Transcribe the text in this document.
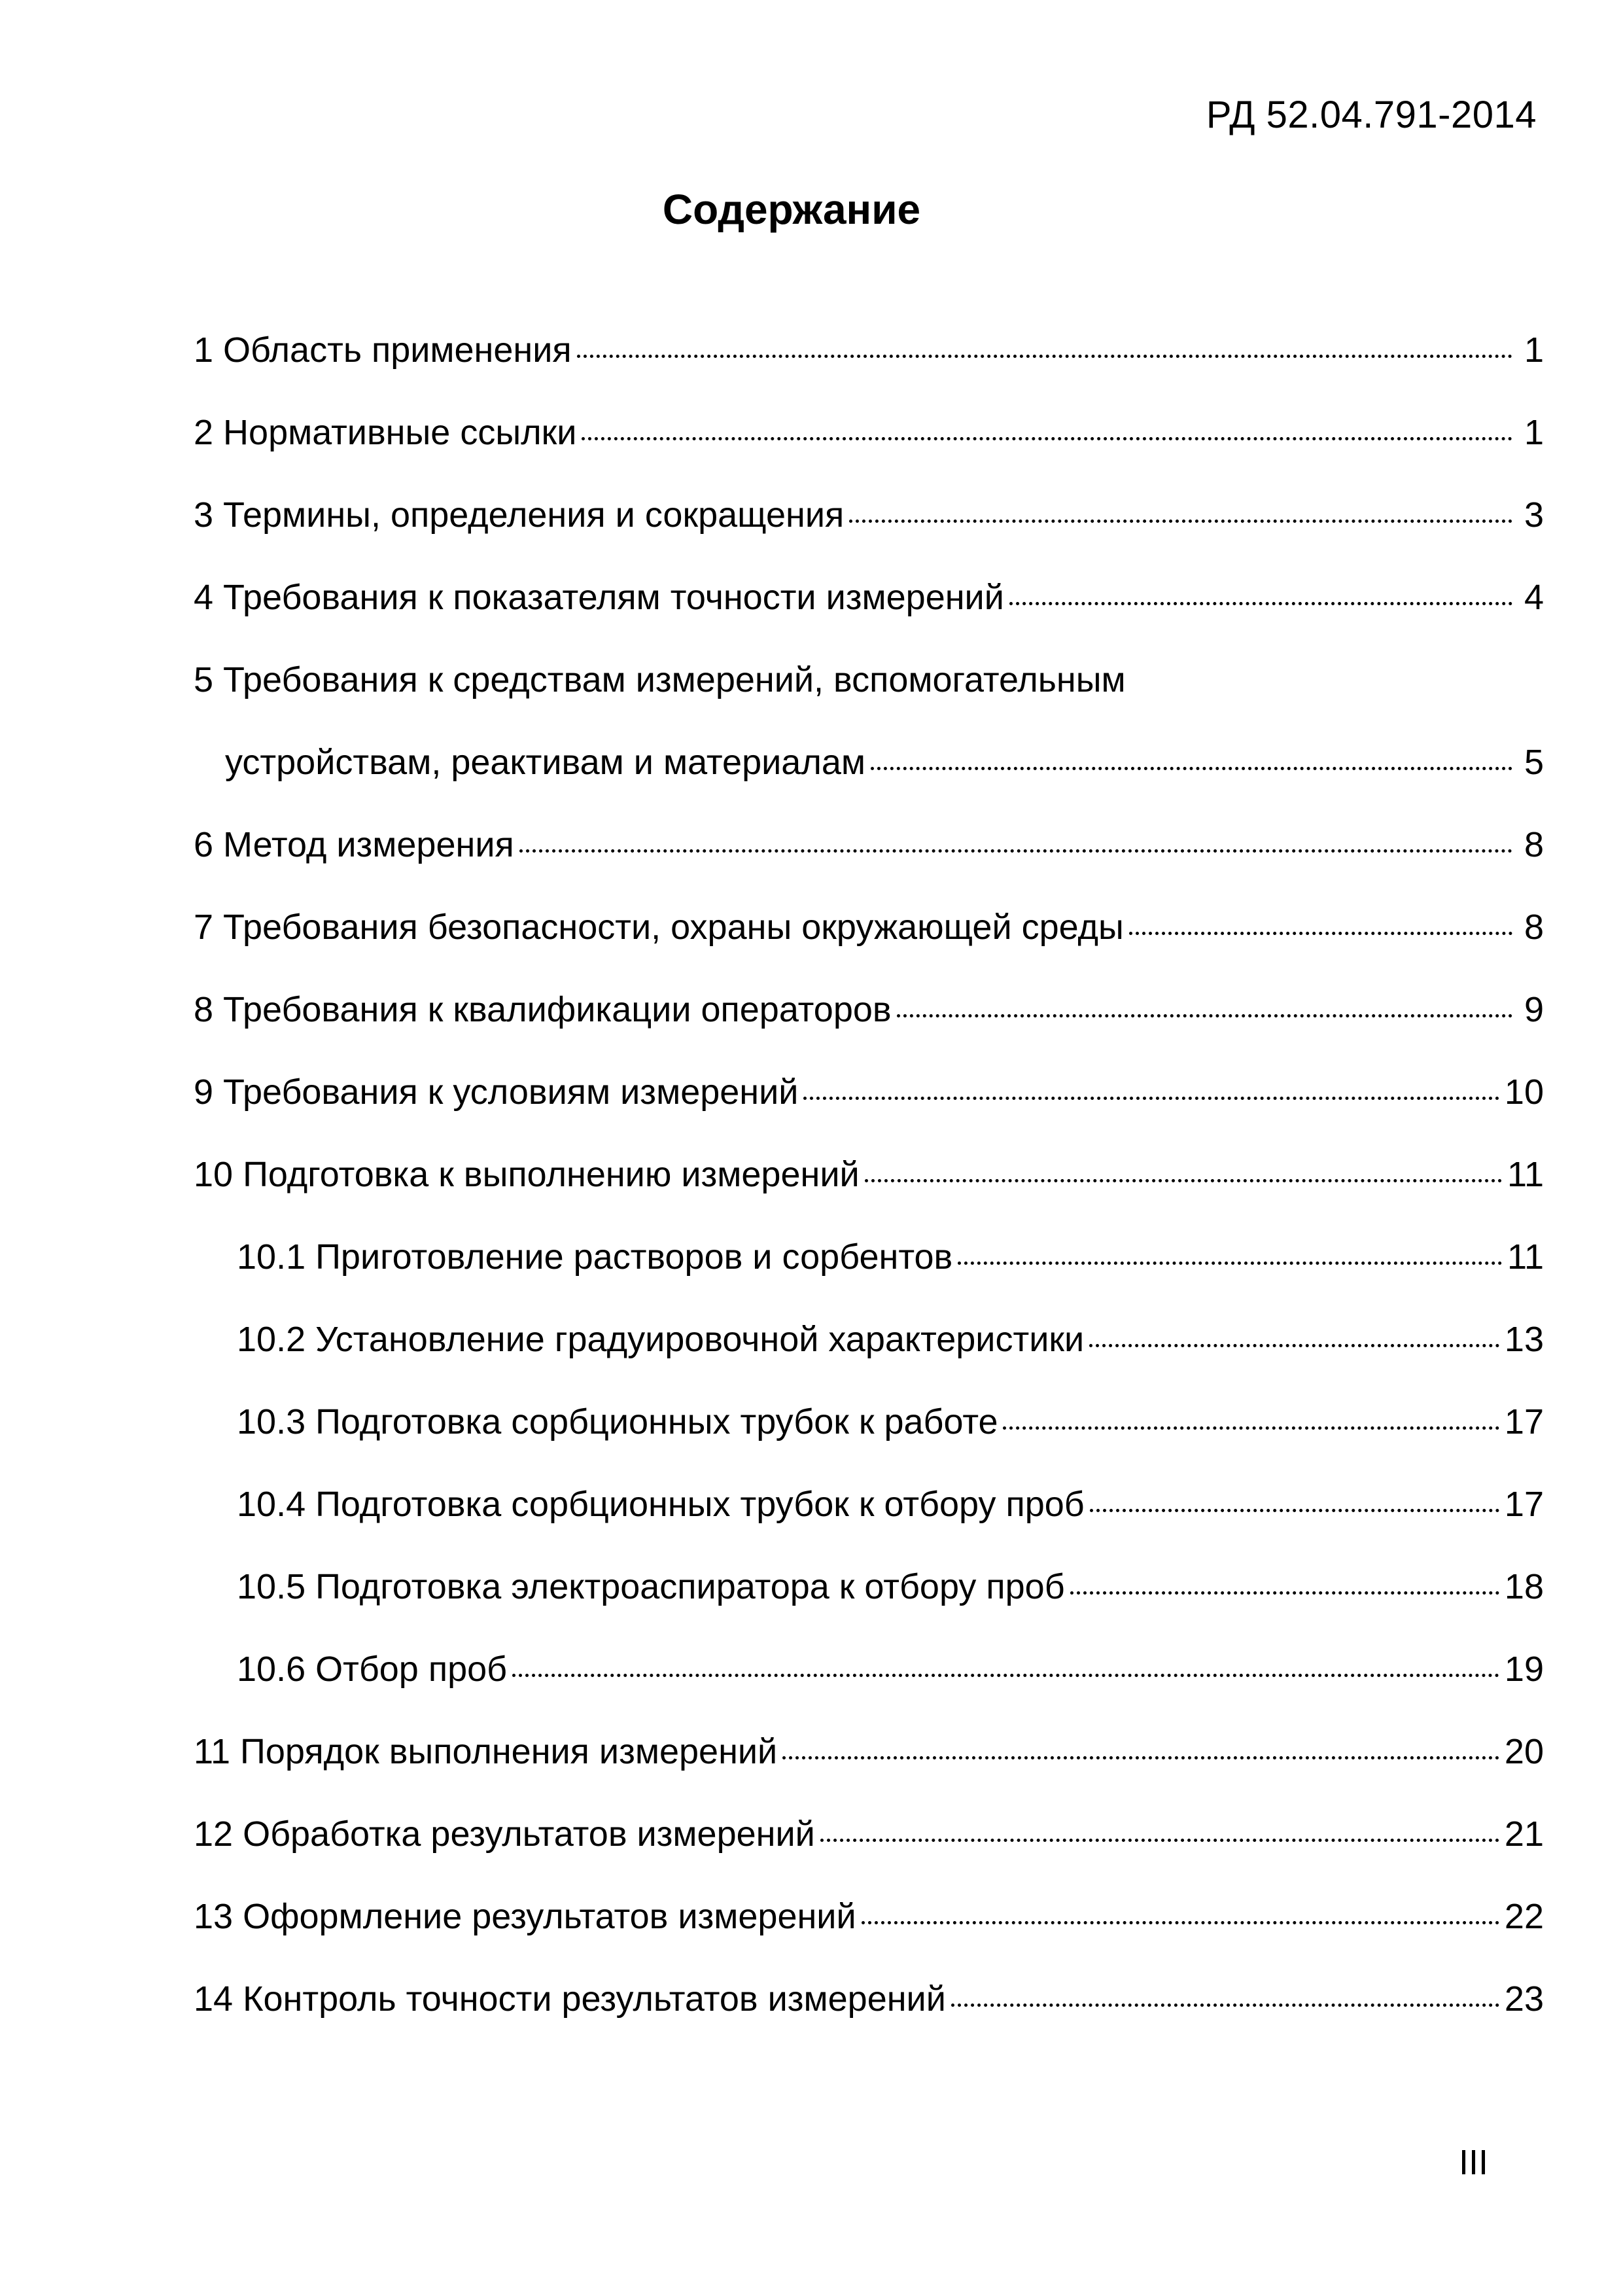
РД 52.04.791-2014
Содержание
1 Область применения	1
2 Нормативные ссылки	1
3 Термины, определения и сокращения	3
4 Требования к показателям точности измерений	4
5 Требования к средствам измерений, вспомогательным
устройствам, реактивам и материалам	5
6 Метод измерения	8
7 Требования безопасности, охраны окружающей среды	8
8 Требования к квалификации операторов	9
9 Требования к условиям измерений	10
10 Подготовка к выполнению измерений	11
10.1 Приготовление растворов и сорбентов	11
10.2 Установление градуировочной характеристики	13
10.3 Подготовка сорбционных трубок к работе	17
10.4 Подготовка сорбционных трубок к отбору проб	17
10.5 Подготовка электроаспиратора к отбору проб	18
10.6 Отбор проб	19
11 Порядок выполнения измерений	20
12 Обработка результатов измерений	21
13 Оформление результатов измерений	22
14 Контроль точности результатов измерений	23
III
